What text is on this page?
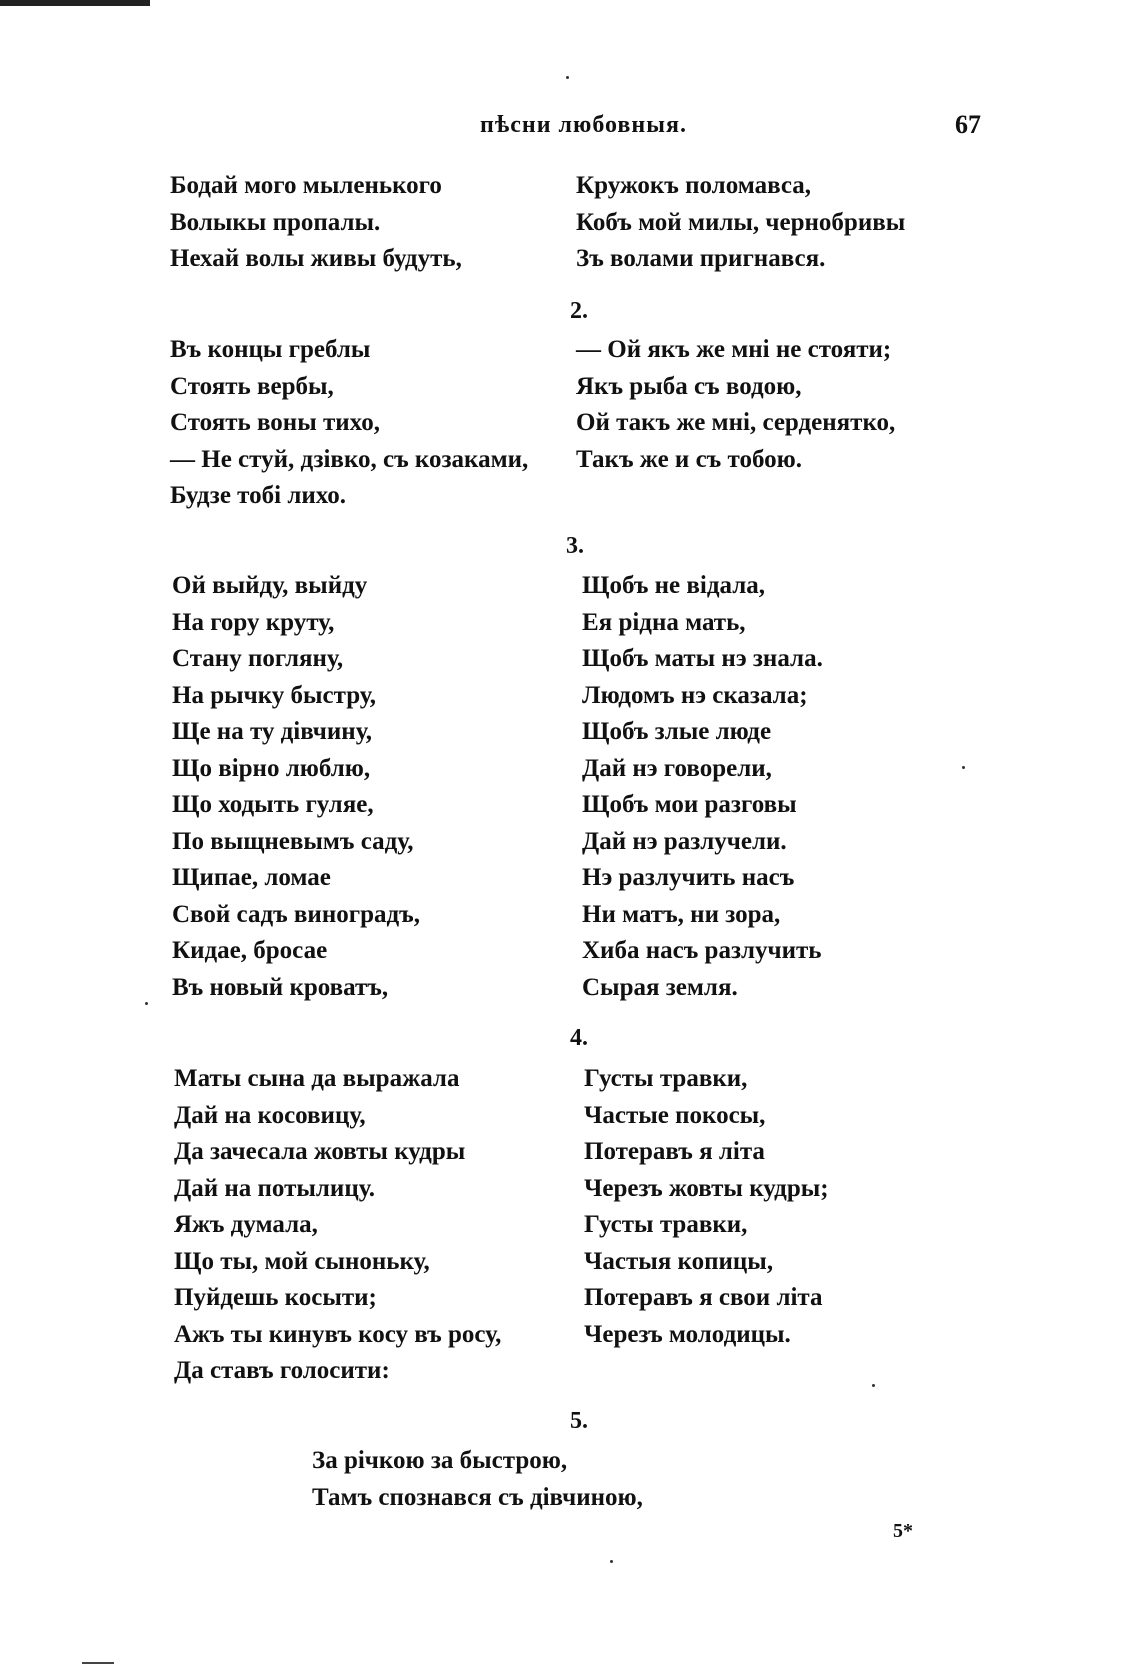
пѣсни любовныя.	67
Бодай мого мыленького
Волыкы пропалы.
Нехай волы живы будуть,
Кружокъ поломавса,
Кобъ мой милы, чернобривы
Зъ волами пригнався.
2.
Въ концы греблы
Стоять вербы,
Стоять воны тихо,
— Не стуй, дзівко, съ козаками,
Будзе тобі лихо.
— Ой якъ же мні не стояти;
Якъ рыба съ водою,
Ой такъ же мні, серденятко,
Такъ же и съ тобою.
3.
Ой выйду, выйду
На гору круту,
Стану погляну,
На рычку быстру,
Ще на ту дівчину,
Що вірно люблю,
Що ходыть гуляе,
По выщневымъ саду,
Щипае, ломае
Свой садъ виноградъ,
Кидае, бросае
Въ новый кроватъ,
Щобъ не відала,
Ея рідна мать,
Щобъ маты нэ знала.
Людомъ нэ сказала;
Щобъ злые люде
Дай нэ говорели,
Щобъ мои разговы
Дай нэ разлучели.
Нэ разлучить насъ
Ни матъ, ни зора,
Хиба насъ разлучить
Сырая земля.
4.
Маты сына да выражала
Дай на косовицу,
Да зачесала жовты кудры
Дай на потылицу.
Яжъ думала,
Що ты, мой сыноньку,
Пуйдешь косыти;
Ажъ ты кинувъ косу въ росу,
Да ставъ голосити:
Густы травки,
Частые покосы,
Потеравъ я літа
Черезъ жовты кудры;
Густы травки,
Частыя копицы,
Потеравъ я свои літа
Черезъ молодицы.
5.
За річкою за быстрою,
Тамъ спознався съ дівчиною,
5*
